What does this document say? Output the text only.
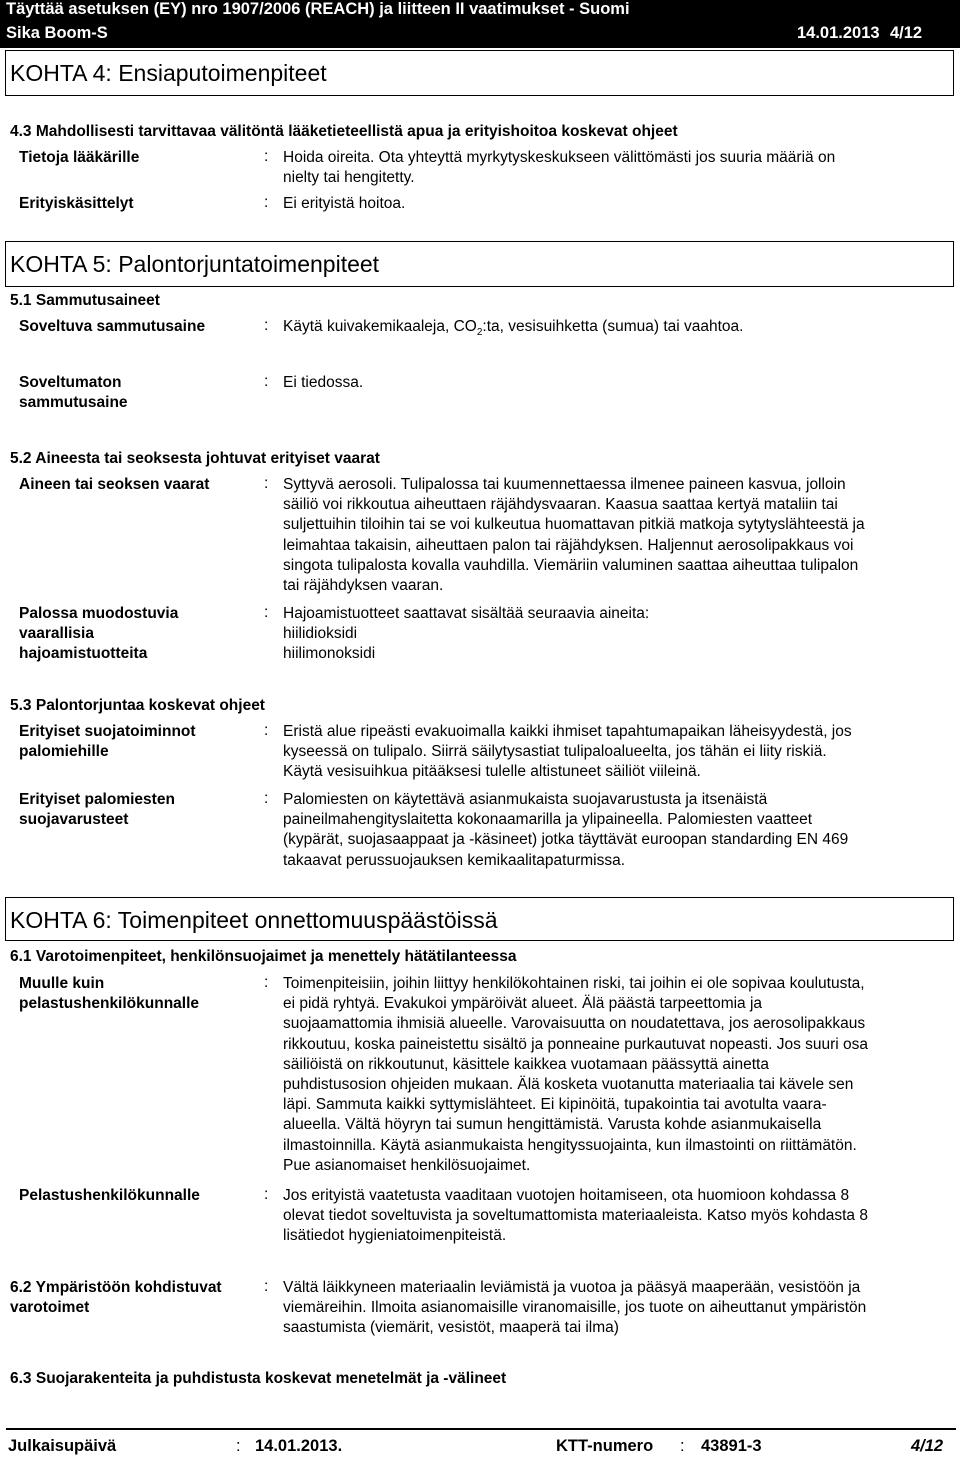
Täyttää asetuksen (EY) nro 1907/2006 (REACH) ja liitteen II vaatimukset - Suomi
Sika Boom-S	14.01.2013 4/12
KOHTA 4: Ensiaputoimenpiteet
4.3 Mahdollisesti tarvittavaa välitöntä lääketieteellistä apua ja erityishoitoa koskevat ohjeet
Tietoja lääkärille	: Hoida oireita. Ota yhteyttä myrkytyskeskukseen välittömästi jos suuria määriä on
nielty tai hengitetty.
Erityiskäsittelyt	: Ei erityistä hoitoa.
KOHTA 5: Palontorjuntatoimenpiteet
5.1 Sammutusaineet
Soveltuva sammutusaine	: Käytä kuivakemikaaleja, $CO_2:ta$, vesisuihketta (sumua) tai vaahtoa.
Soveltumaton
sammutusaine
: Ei tiedossa.
5.2 Aineesta tai seoksesta johtuvat erityiset vaarat
Aineen tai seoksen vaarat	: Syttyvä aerosoli. Tulipalossa tai kuumennettaessa ilmenee paineen kasvua, jolloin
säiliö voi rikkoutua aiheuttaen räjähdysvaaran. Kaasua saattaa kertyä mataliin tai
suljettuihin tiloihin tai se voi kulkeutua huomattavan pitkiä matkoja sytytyslähteestä ja
leimahtaa takaisin, aiheuttaen palon tai räjähdyksen. Haljennut aerosolipakkaus voi
singota tulipalosta kovalla vauhdilla. Viemäriin valuminen saattaa aiheuttaa tulipalon
tai räjähdyksen vaaran.
Palossa muodostuvia
vaarallisia
hajoamistuotteita
: Hajoamistuotteet saattavat sisältää seuraavia aineita:
hiilidioksidi
hiilimonoksidi
5.3 Palontorjuntaa koskevat ohjeet
Erityiset suojatoiminnot
palomiehille
: Eristä alue ripeästi evakuoimalla kaikki ihmiset tapahtumapaikan läheisyydestä, jos
kyseessä on tulipalo. Siirrä säilytysastiat tulipaloalueelta, jos tähän ei liity riskiä.
Käytä vesisuihkua pitääksesi tulelle altistuneet säiliöt viileinä.
Erityiset palomiesten
suojavarusteet
: Palomiesten on käytettävä asianmukaista suojavarustusta ja itsenäistä
paineilmahengityslaitetta kokonaamarilla ja ylipaineella. Palomiesten vaatteet
(kypärät, suojasaappaat ja -käsineet) jotka täyttävät euroopan standarding EN 469
takaavat perussuojauksen kemikaalitapaturmissa.
KOHTA 6: Toimenpiteet onnettomuuspäästöissä
6.1 Varotoimenpiteet, henkilönsuojaimet ja menettely hätätilanteessa
Muulle kuin
pelastushenkilökunnalle
: Toimenpiteisiin, joihin liittyy henkilökohtainen riski, tai joihin ei ole sopivaa koulutusta,
ei pidä ryhtyä. Evakukoi ympäröivät alueet. Älä päästä tarpeettomia ja
suojaamattomia ihmisiä alueelle. Varovaisuutta on noudatettava, jos aerosolipakkaus
rikkoutuu, koska paineistettu sisältö ja ponneaine purkautuvat nopeasti. Jos suuri osa
säiliöistä on rikkoutunut, käsittele kaikkea vuotamaan päässyttä ainetta
puhdistusosion ohjeiden mukaan. Älä kosketa vuotanutta materiaalia tai kävele sen
läpi. Sammuta kaikki syttymislähteet. Ei kipinöitä, tupakointia tai avotulta vaara-
alueella. Vältä höyryn tai sumun hengittämistä. Varusta kohde asianmukaisella
ilmastoinnilla. Käytä asianmukaista hengityssuojainta, kun ilmastointi on riittämätön.
Pue asianomaiset henkilösuojaimet.
Pelastushenkilökunnalle	: Jos erityistä vaatetusta vaaditaan vuotojen hoitamiseen, ota huomioon kohdassa 8
olevat tiedot soveltuvista ja soveltumattomista materiaaleista. Katso myös kohdasta 8
lisätiedot hygieniatoimenpiteistä.
6.2 Ympäristöön kohdistuvat
varotoimet
: Vältä läikkyneen materiaalin leviämistä ja vuotoa ja pääsyä maaperään, vesistöön ja
viemäreihin. Ilmoita asianomaisille viranomaisille, jos tuote on aiheuttanut ympäristön
saastumista (viemärit, vesistöt, maaperä tai ilma)
6.3 Suojarakenteita ja puhdistusta koskevat menetelmät ja -välineet
Julkaisupäivä	: 14.01.2013.	KTT-numero : 43891-3	4/12
